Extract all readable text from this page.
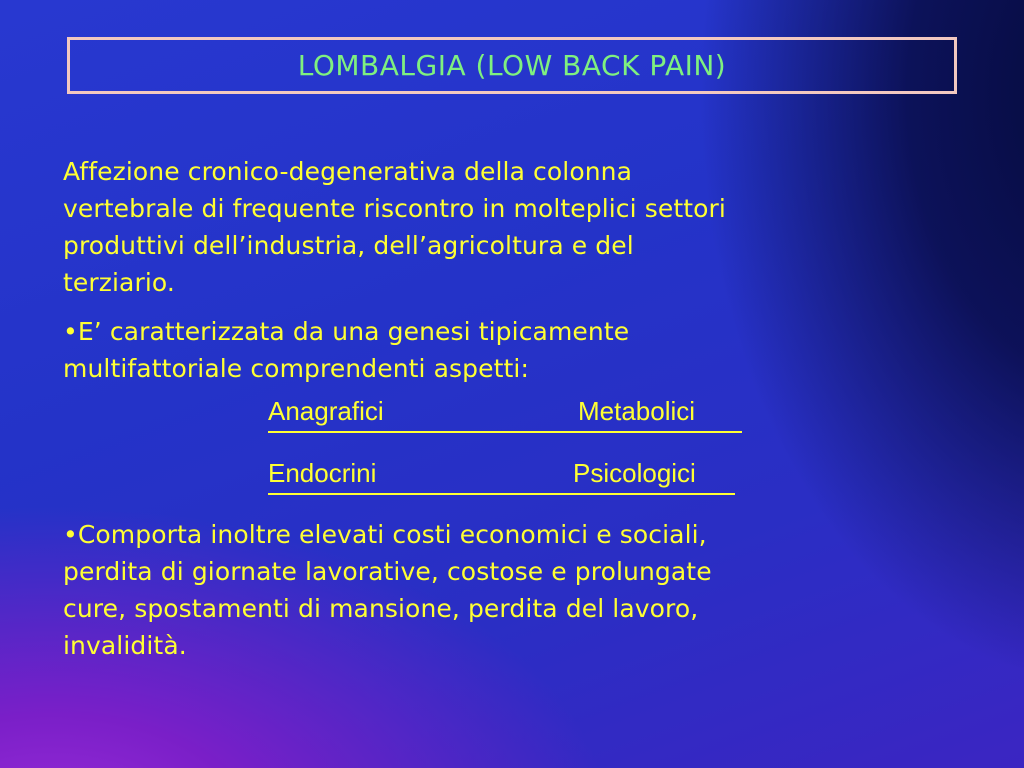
LOMBALGIA (LOW BACK PAIN)

Affezione cronico-degenerativa della colonna
vertebrale di frequente riscontro in molteplici settori
produttivi dell’industria, dell’agricoltura e del
terziario.

•E’ caratterizzata da una genesi tipicamente
multifattoriale comprendenti aspetti:

Anagrafici	Metabolici
Endocrini	Psicologici

•Comporta inoltre elevati costi economici e sociali,
perdita di giornate lavorative, costose e prolungate
cure, spostamenti di mansione, perdita del lavoro,
invalidità.
